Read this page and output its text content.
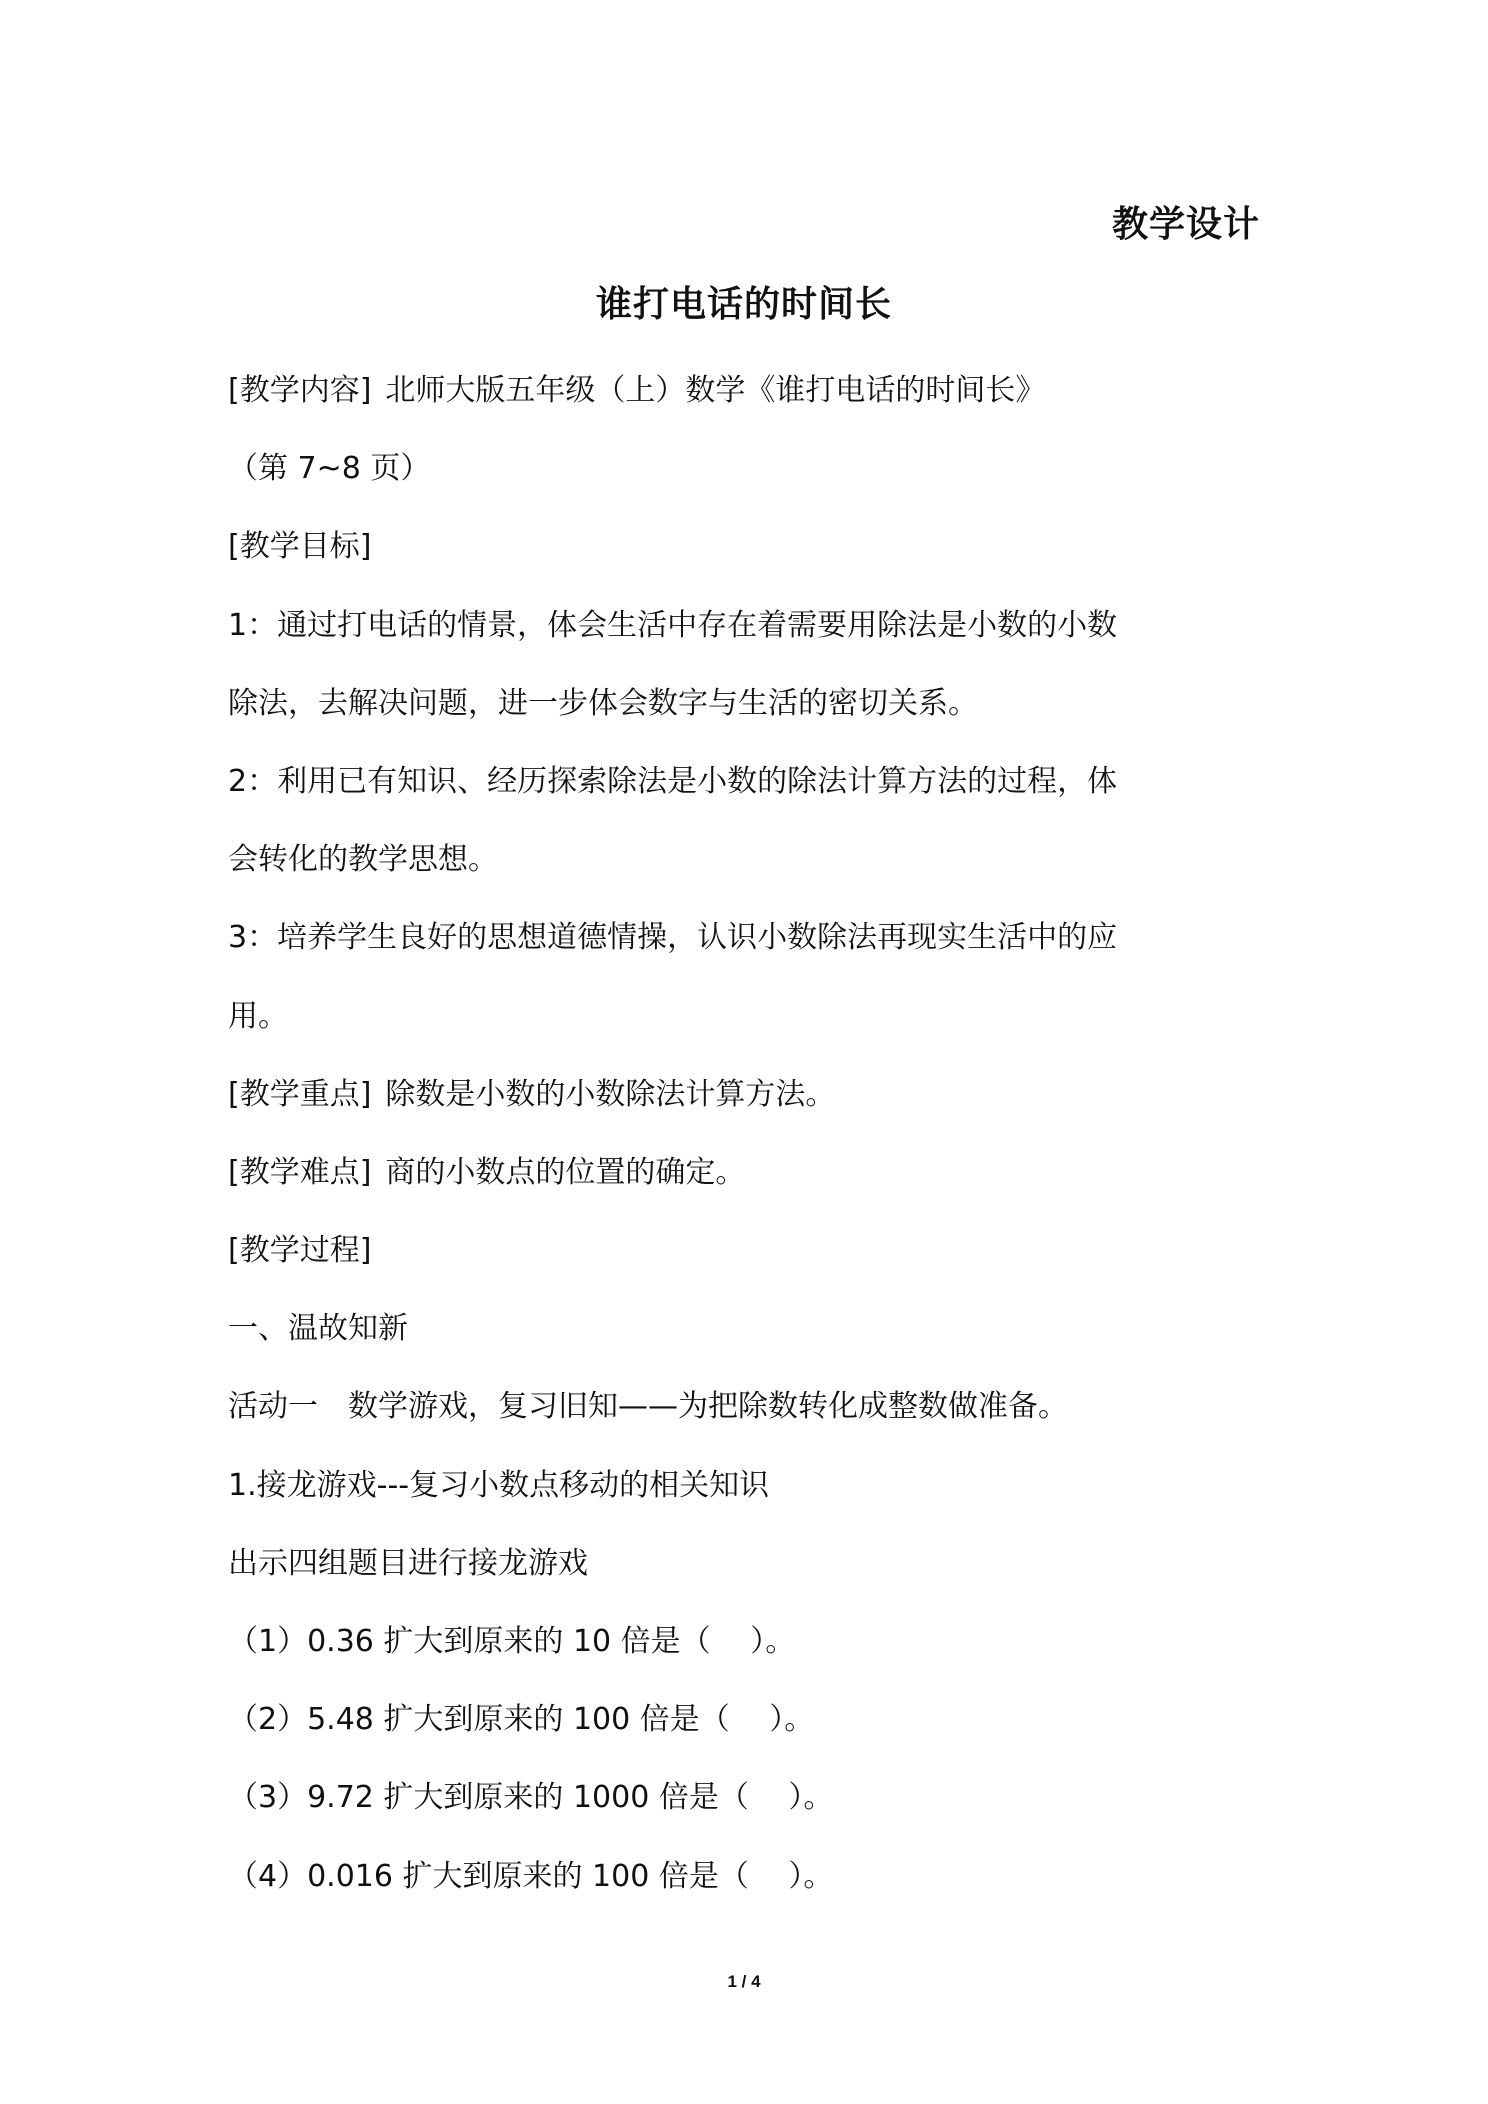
教学设计
谁打电话的时间长
[教学内容] 北师大版五年级（上）数学《谁打电话的时间长》
（第 7~8 页）
[教学目标]
1：通过打电话的情景，体会生活中存在着需要用除法是小数的小数
除法，去解决问题，进一步体会数字与生活的密切关系。
2：利用已有知识、经历探索除法是小数的除法计算方法的过程，体
会转化的教学思想。
3：培养学生良好的思想道德情操，认识小数除法再现实生活中的应
用。
[教学重点] 除数是小数的小数除法计算方法。
[教学难点] 商的小数点的位置的确定。
[教学过程]
一、温故知新
活动一　数学游戏，复习旧知——为把除数转化成整数做准备。
1.接龙游戏---复习小数点移动的相关知识
出示四组题目进行接龙游戏
（1）0.36 扩大到原来的 10 倍是（　 ）。
（2）5.48 扩大到原来的 100 倍是（　 ）。
（3）9.72 扩大到原来的 1000 倍是（　 ）。
（4）0.016 扩大到原来的 100 倍是（　 ）。
1 / 4
